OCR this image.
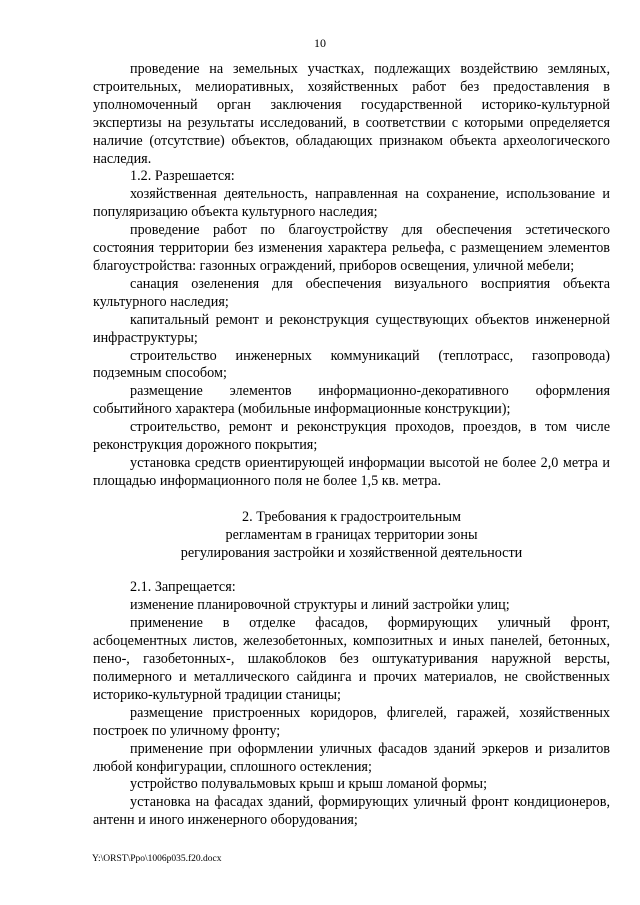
10

проведение на земельных участках, подлежащих воздействию земляных, строительных, мелиоративных, хозяйственных работ без предоставления в уполномоченный орган заключения государственной историко-культурной экспертизы на результаты исследований, в соответствии с которыми определяется наличие (отсутствие) объектов, обладающих признаком объекта археологического наследия.

1.2. Разрешается:

хозяйственная деятельность, направленная на сохранение, использование и популяризацию объекта культурного наследия;

проведение работ по благоустройству для обеспечения эстетического состояния территории без изменения характера рельефа, с размещением элементов благоустройства: газонных ограждений, приборов освещения, уличной мебели;

санация озеленения для обеспечения визуального восприятия объекта культурного наследия;

капитальный ремонт и реконструкция существующих объектов инженерной инфраструктуры;

строительство инженерных коммуникаций (теплотрасс, газопровода) подземным способом;

размещение элементов информационно-декоративного оформления событийного характера (мобильные информационные конструкции);

строительство, ремонт и реконструкция проходов, проездов, в том числе реконструкция дорожного покрытия;

установка средств ориентирующей информации высотой не более 2,0 метра и площадью информационного поля не более 1,5 кв. метра.

2. Требования к градостроительным

регламентам в границах территории зоны

регулирования застройки и хозяйственной деятельности

2.1. Запрещается:

изменение планировочной структуры и линий застройки улиц;

применение в отделке фасадов, формирующих уличный фронт, асбоцементных листов, железобетонных, композитных и иных панелей, бетонных, пено-, газобетонных-, шлакоблоков без оштукатуривания наружной версты, полимерного и металлического сайдинга и прочих материалов, не свойственных историко-культурной традиции станицы;

размещение пристроенных коридоров, флигелей, гаражей, хозяйственных построек по уличному фронту;

применение при оформлении уличных фасадов зданий эркеров и ризалитов любой конфигурации, сплошного остекления;

устройство полувальмовых крыш и крыш ломаной формы;

установка на фасадах зданий, формирующих уличный фронт кондиционеров, антенн и иного инженерного оборудования;

Y:\ORST\Ppo\1006p035.f20.docx
